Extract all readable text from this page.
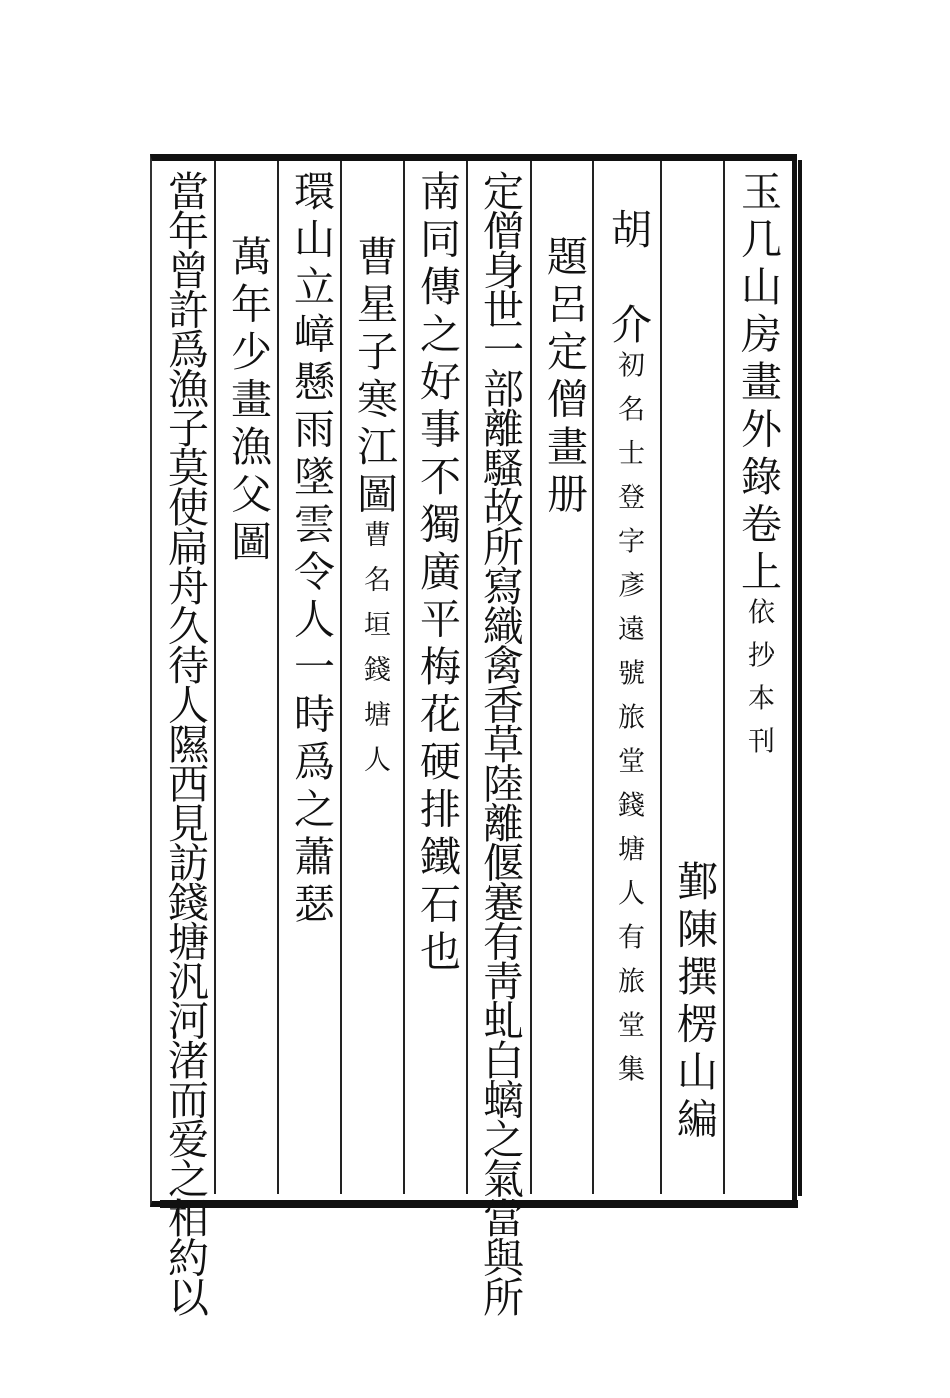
玉几山房畫外錄卷上依抄本刊
鄞陳撰楞山編
胡　介初名士登字彥遠號旅堂錢塘人有旅堂集
題呂定僧畫册
定僧身世一部離騷故所寫織禽香草陸離偃蹇有靑虬白螭之氣當與所
南同傳之好事不獨廣平梅花硬排鐵石也
曹星子寒江圖曹名垣錢塘人
環山立嶂懸雨墜雲令人一時爲之蕭瑟
萬年少畫漁父圖
當年曾許爲漁子莫使扁舟久待人隰西見訪錢塘汎河渚而爱之相約以
